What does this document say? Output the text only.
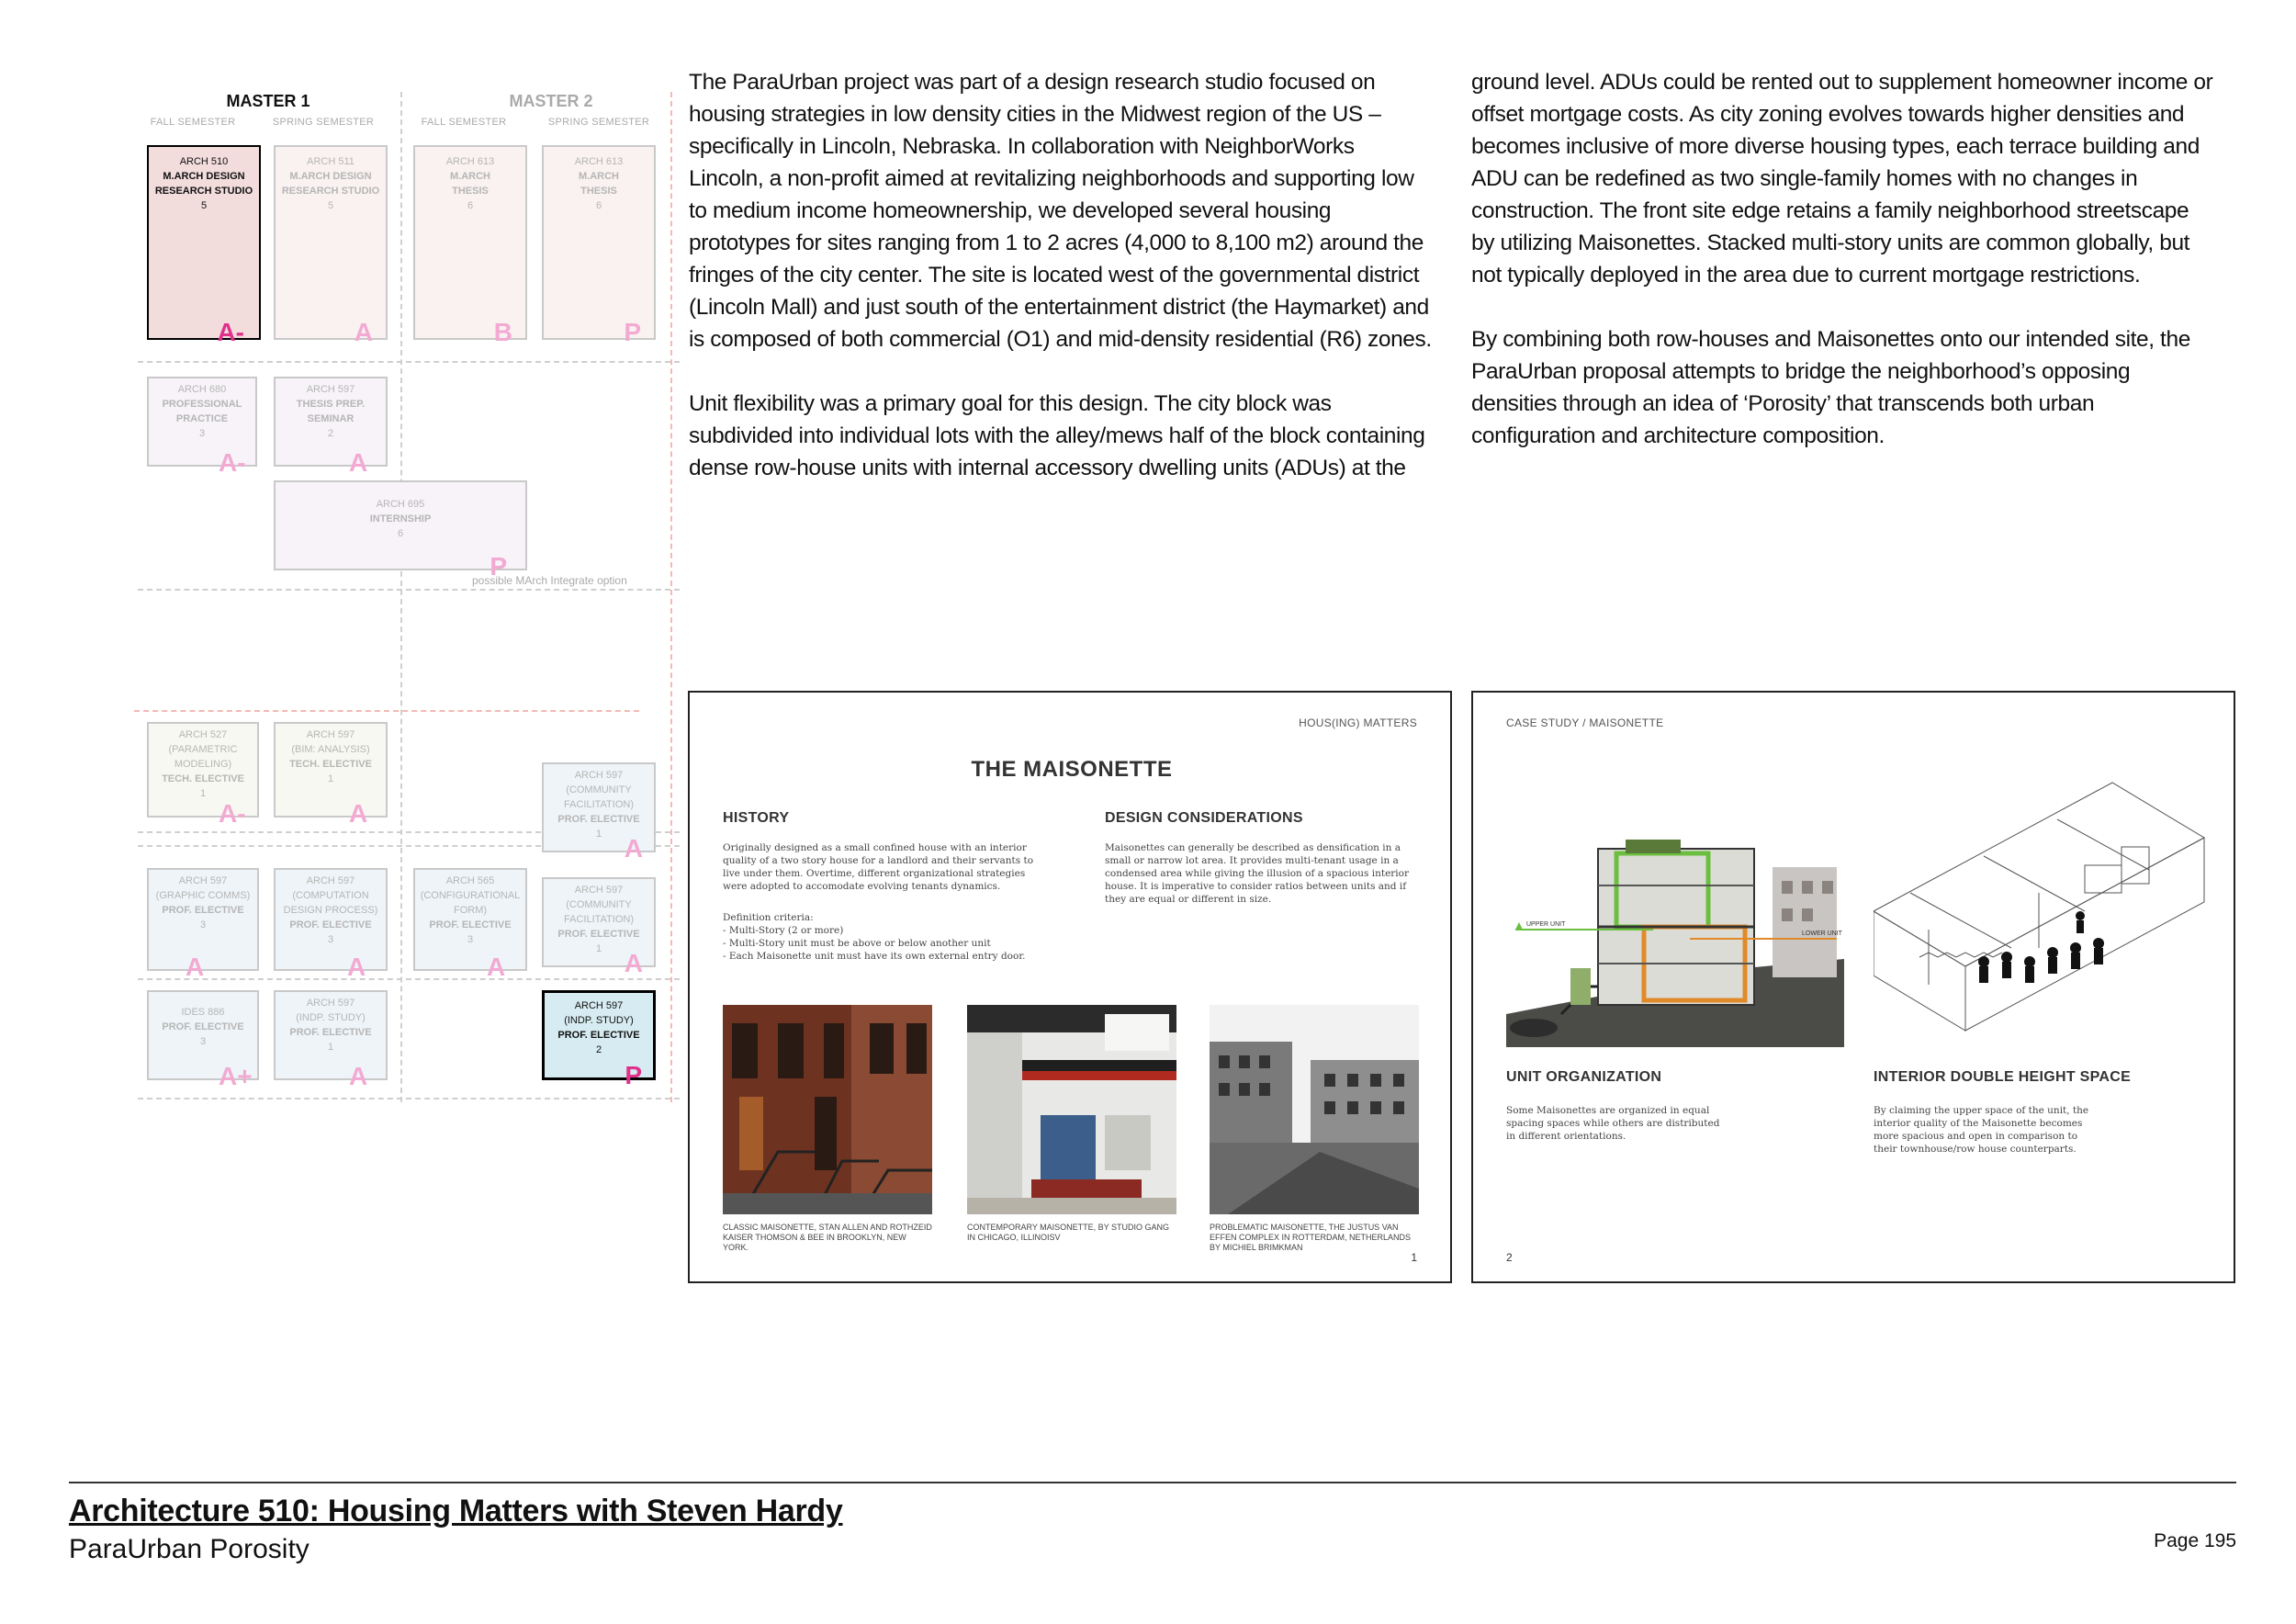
MASTER 1	MASTER 2
FALL SEMESTER	SPRING SEMESTER	FALL SEMESTER	SPRING SEMESTER
ARCH 510
M.ARCH DESIGN
RESEARCH STUDIO
5
A-
ARCH 511
M.ARCH DESIGN
RESEARCH STUDIO
5
A
ARCH 613
M.ARCH
THESIS
6
B
ARCH 613
M.ARCH
THESIS
6
P
ARCH 680
PROFESSIONAL
PRACTICE
3
A-
ARCH 597
THESIS PREP.
SEMINAR
2
A
ARCH 695
INTERNSHIP
6
P
possible MArch Integrate option
ARCH 527
(PARAMETRIC
MODELING)
TECH. ELECTIVE
1
A-
ARCH 597
(BIM: ANALYSIS)
TECH. ELECTIVE
1
A
ARCH 597
(COMMUNITY
FACILITATION)
PROF. ELECTIVE
1 A
ARCH 597
(GRAPHIC COMMS)
PROF. ELECTIVE
3
A
ARCH 597
(COMPUTATION
DESIGN PROCESS)
PROF. ELECTIVE
3
A
ARCH 565
(CONFIGURATIONAL
FORM)
PROF. ELECTIVE
3
A
ARCH 597
(COMMUNITY
FACILITATION)
PROF. ELECTIVE
1 A
IDES 886
PROF. ELECTIVE
3
A+
ARCH 597
(INDP. STUDY)
PROF. ELECTIVE
1
A
ARCH 597
(INDP. STUDY)
PROF. ELECTIVE
2
P

The ParaUrban project was part of a design research studio focused on housing strategies in low density cities in the Midwest region of the US – specifically in Lincoln, Nebraska. In collaboration with NeighborWorks Lincoln, a non-profit aimed at revitalizing neighborhoods and supporting low to medium income homeownership, we developed several housing prototypes for sites ranging from 1 to 2 acres (4,000 to 8,100 m2) around the fringes of the city center. The site is located west of the governmental district (Lincoln Mall) and just south of the entertainment district (the Haymarket) and is composed of both commercial (O1) and mid-density residential (R6) zones.

Unit flexibility was a primary goal for this design. The city block was subdivided into individual lots with the alley/mews half of the block containing dense row-house units with internal accessory dwelling units (ADUs) at the

ground level. ADUs could be rented out to supplement homeowner income or offset mortgage costs. As city zoning evolves towards higher densities and becomes inclusive of more diverse housing types, each terrace building and ADU can be redefined as two single-family homes with no changes in construction. The front site edge retains a family neighborhood streetscape by utilizing Maisonettes. Stacked multi-story units are common globally, but not typically deployed in the area due to current mortgage restrictions.

By combining both row-houses and Maisonettes onto our intended site, the ParaUrban proposal attempts to bridge the neighborhood’s opposing densities through an idea of ‘Porosity’ that transcends both urban configuration and architecture composition.

HOUS(ING) MATTERS
THE MAISONETTE
HISTORY
Originally designed as a small confined house with an interior quality of a two story house for a landlord and their servants to live under them. Overtime, different organizational strategies were adopted to accomodate evolving tenants dynamics.
Definition criteria:
- Multi-Story (2 or more)
- Multi-Story unit must be above or below another unit
- Each Maisonette unit must have its own external entry door.
DESIGN CONSIDERATIONS
Maisonettes can generally be described as densification in a small or narrow lot area. It provides multi-tenant usage in a condensed area while giving the illusion of a spacious interior house. It is imperative to consider ratios between units and if they are equal or different in size.
CLASSIC MAISONETTE, STAN ALLEN AND ROTHZEID KAISER THOMSON & BEE IN BROOKLYN, NEW YORK.
CONTEMPORARY MAISONETTE, BY STUDIO GANG IN CHICAGO, ILLINOISV
PROBLEMATIC MAISONETTE, THE JUSTUS VAN EFFEN COMPLEX IN ROTTERDAM, NETHERLANDS BY MICHIEL BRIMKMAN
1
CASE STUDY / MAISONETTE
UPPER UNIT
LOWER UNIT
UNIT ORGANIZATION
Some Maisonettes are organized in equal spacing spaces while others are distributed in different orientations.
INTERIOR DOUBLE HEIGHT SPACE
By claiming the upper space of the unit, the interior quality of the Maisonette becomes more spacious and open in comparison to their townhouse/row house counterparts.
2
Architecture 510: Housing Matters with Steven Hardy
ParaUrban Porosity	Page 195
